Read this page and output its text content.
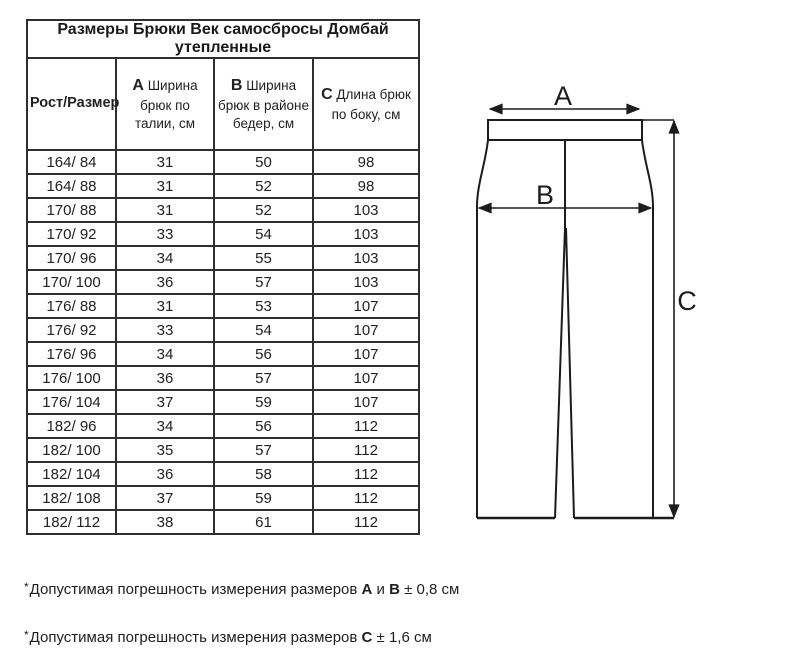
Размеры Брюки Век самосбросы Домбай утепленные			
Рост/Размер	A Ширина брюк по талии, см	B Ширина брюк в районе бедер, см	C Длина брюк по боку, см
164/ 84	31	50	98
164/ 88	31	52	98
170/ 88	31	52	103
170/ 92	33	54	103
170/ 96	34	55	103
170/ 100	36	57	103
176/ 88	31	53	107
176/ 92	33	54	107
176/ 96	34	56	107
176/ 100	36	57	107
176/ 104	37	59	107
182/ 96	34	56	112
182/ 100	35	57	112
182/ 104	36	58	112
182/ 108	37	59	112
182/ 112	38	61	112
A
B
C

*Допустимая погрешность измерения размеров A и B ± 0,8 см

*Допустимая погрешность измерения размеров C ± 1,6 см
